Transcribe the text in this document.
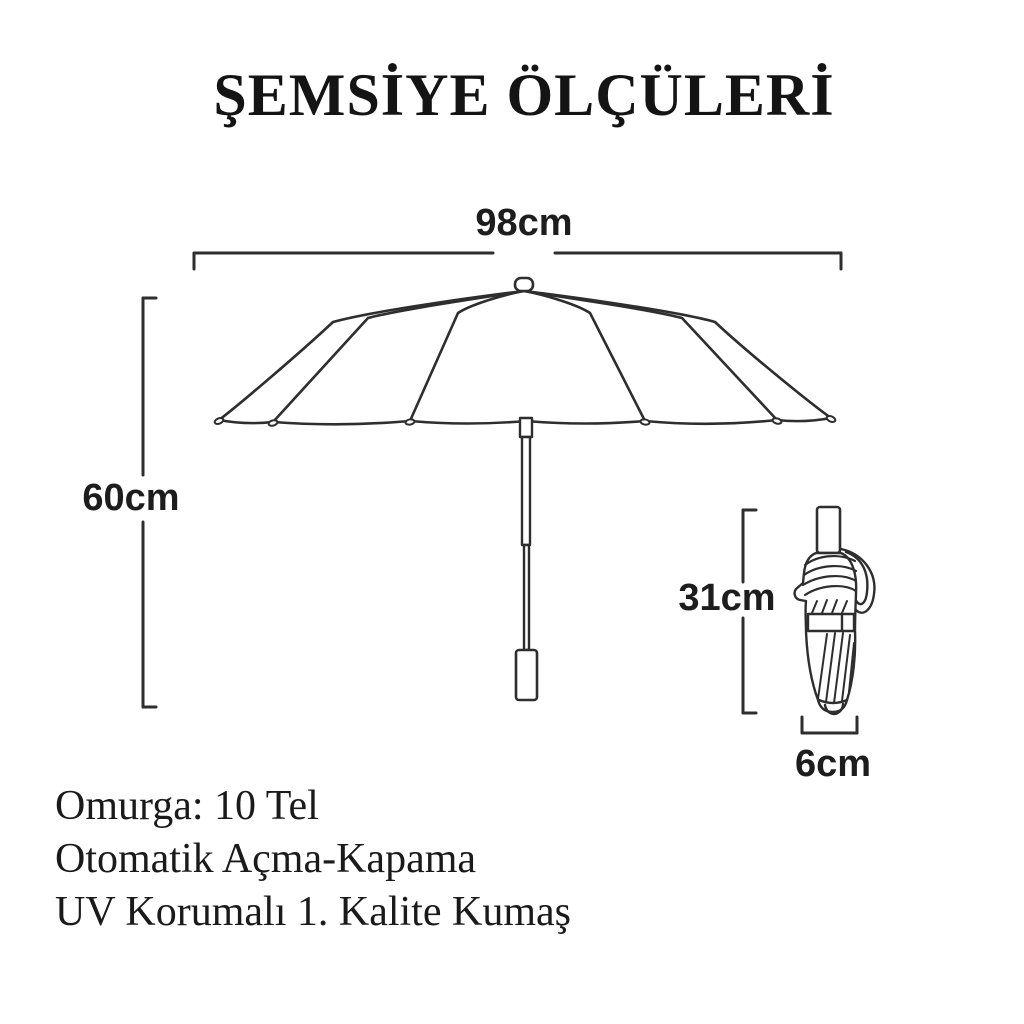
ŞEMSİYE ÖLÇÜLERİ
98cm
60cm
31cm
6cm
Omurga: 10 Tel
Otomatik Açma-Kapama
UV Korumalı 1. Kalite Kumaş
